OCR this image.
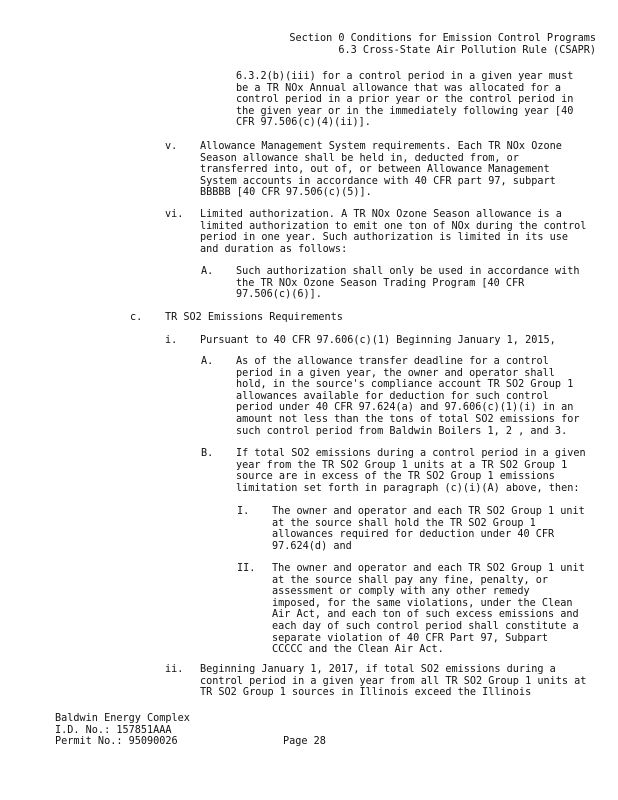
Section 0 Conditions for Emission Control Programs
6.3 Cross-State Air Pollution Rule (CSAPR)
6.3.2(b)(iii) for a control period in a given year must
be a TR NOx Annual allowance that was allocated for a
control period in a prior year or the control period in
the given year or in the immediately following year [40
CFR 97.506(c)(4)(ii)].
v. Allowance Management System requirements. Each TR NOx Ozone
Season allowance shall be held in, deducted from, or
transferred into, out of, or between Allowance Management
System accounts in accordance with 40 CFR part 97, subpart
BBBBB [40 CFR 97.506(c)(5)].
vi. Limited authorization. A TR NOx Ozone Season allowance is a
limited authorization to emit one ton of NOx during the control
period in one year. Such authorization is limited in its use
and duration as follows:
A. Such authorization shall only be used in accordance with
the TR NOx Ozone Season Trading Program [40 CFR
97.506(c)(6)].
c. TR SO2 Emissions Requirements
i. Pursuant to 40 CFR 97.606(c)(1) Beginning January 1, 2015,
A. As of the allowance transfer deadline for a control
period in a given year, the owner and operator shall
hold, in the source's compliance account TR SO2 Group 1
allowances available for deduction for such control
period under 40 CFR 97.624(a) and 97.606(c)(1)(i) in an
amount not less than the tons of total SO2 emissions for
such control period from Baldwin Boilers 1, 2 , and 3.
B. If total SO2 emissions during a control period in a given
year from the TR SO2 Group 1 units at a TR SO2 Group 1
source are in excess of the TR SO2 Group 1 emissions
limitation set forth in paragraph (c)(i)(A) above, then:
I. The owner and operator and each TR SO2 Group 1 unit
at the source shall hold the TR SO2 Group 1
allowances required for deduction under 40 CFR
97.624(d) and
II. The owner and operator and each TR SO2 Group 1 unit
at the source shall pay any fine, penalty, or
assessment or comply with any other remedy
imposed, for the same violations, under the Clean
Air Act, and each ton of such excess emissions and
each day of such control period shall constitute a
separate violation of 40 CFR Part 97, Subpart
CCCCC and the Clean Air Act.
ii. Beginning January 1, 2017, if total SO2 emissions during a
control period in a given year from all TR SO2 Group 1 units at
TR SO2 Group 1 sources in Illinois exceed the Illinois
Baldwin Energy Complex
I.D. No.: 157851AAA
Permit No.: 95090026	Page 28
